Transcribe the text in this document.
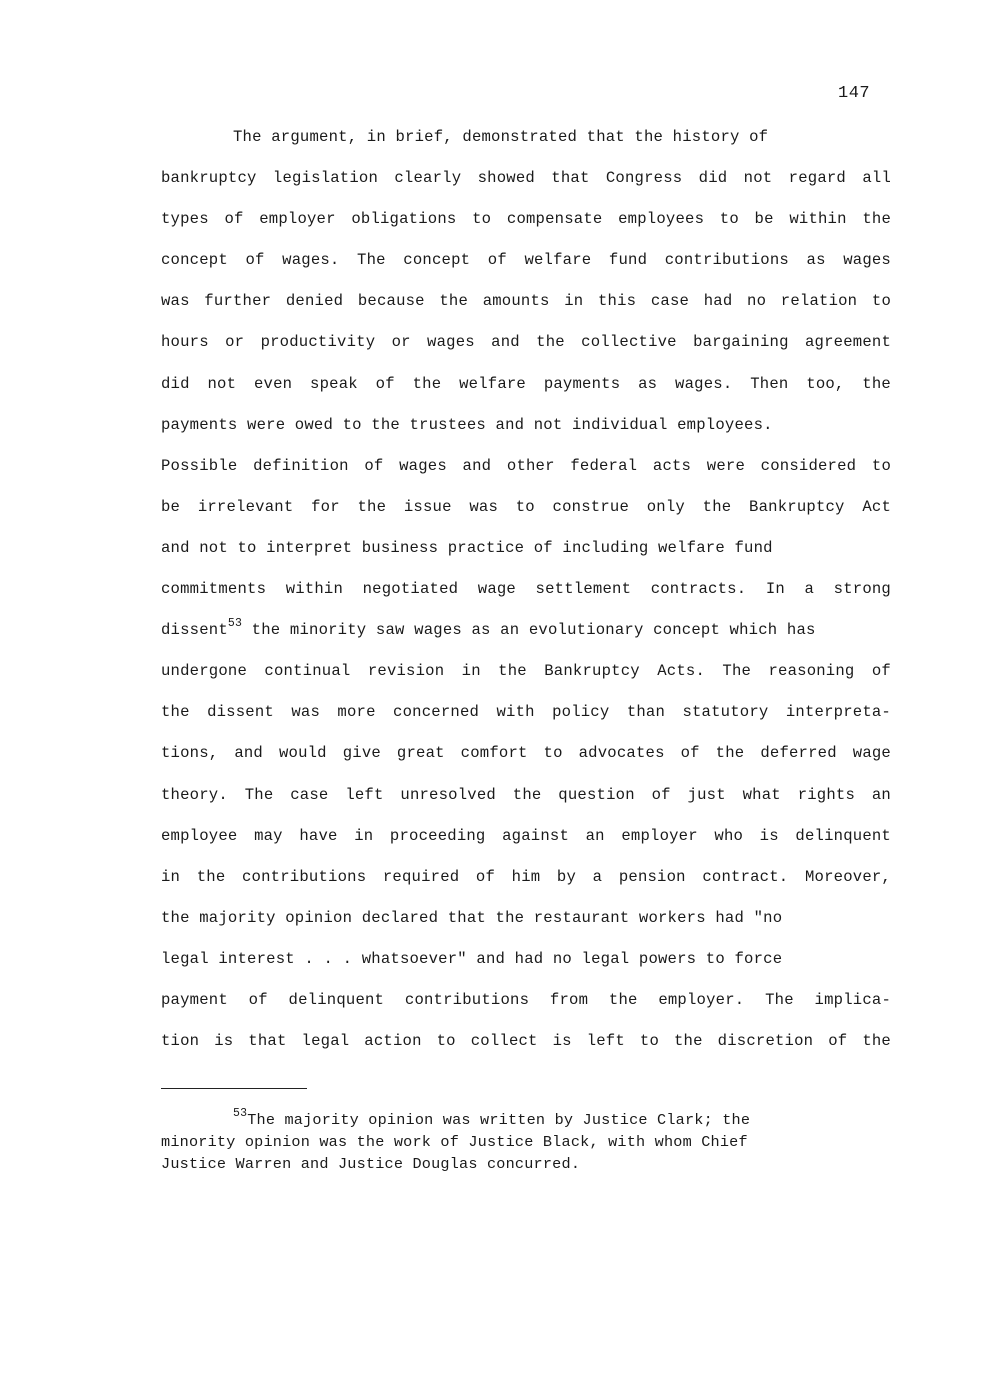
147
The argument, in brief, demonstrated that the history of
bankruptcy legislation clearly showed that Congress did not regard all
types of employer obligations to compensate employees to be within the
concept of wages. The concept of welfare fund contributions as wages
was further denied because the amounts in this case had no relation to
hours or productivity or wages and the collective bargaining agreement
did not even speak of the welfare payments as wages. Then too, the
payments were owed to the trustees and not individual employees.
Possible definition of wages and other federal acts were considered to
be irrelevant for the issue was to construe only the Bankruptcy Act
and not to interpret business practice of including welfare fund
commitments within negotiated wage settlement contracts. In a strong
dissent$^{53}$ the minority saw wages as an evolutionary concept which has
undergone continual revision in the Bankruptcy Acts. The reasoning of
the dissent was more concerned with policy than statutory interpreta-
tions, and would give great comfort to advocates of the deferred wage
theory. The case left unresolved the question of just what rights an
employee may have in proceeding against an employer who is delinquent
in the contributions required of him by a pension contract. Moreover,
the majority opinion declared that the restaurant workers had "no
legal interest . . . whatsoever" and had no legal powers to force
payment of delinquent contributions from the employer. The implica-
tion is that legal action to collect is left to the discretion of the
$^{53}$The majority opinion was written by Justice Clark; the
minority opinion was the work of Justice Black, with whom Chief
Justice Warren and Justice Douglas concurred.
